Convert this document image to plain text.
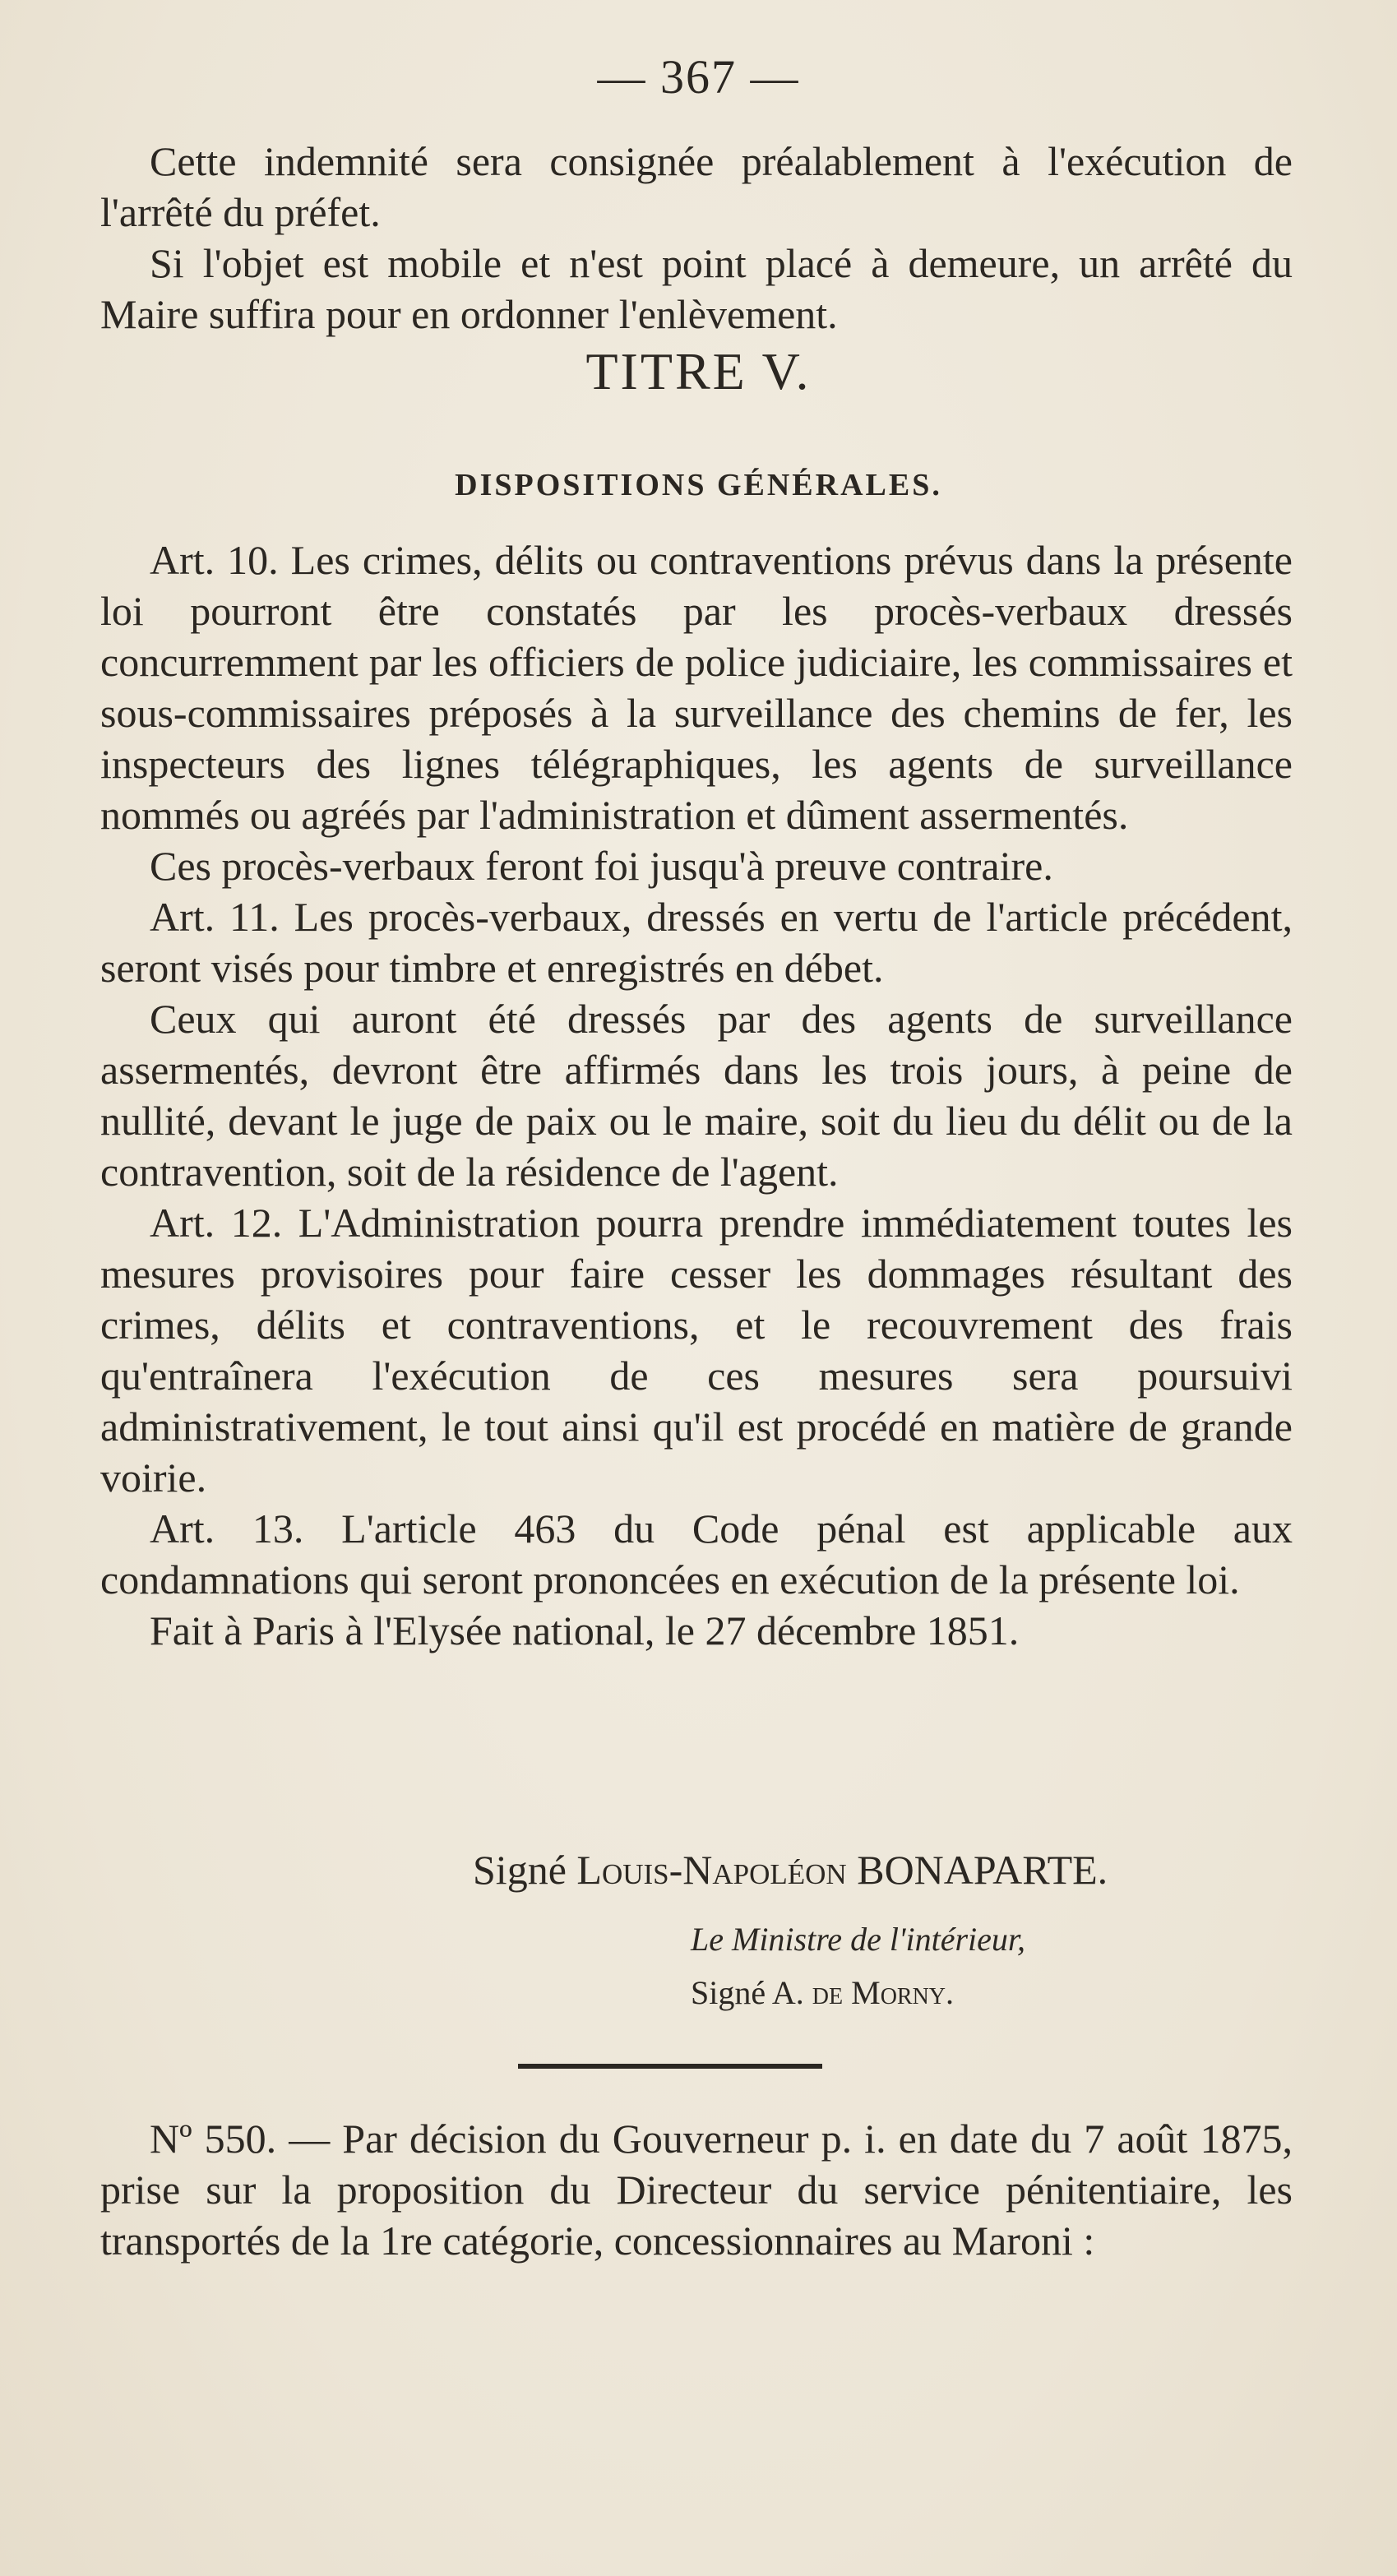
— 367 —

Cette indemnité sera consignée préalablement à l'exécution de l'arrêté du préfet.

Si l'objet est mobile et n'est point placé à demeure, un arrêté du Maire suffira pour en ordonner l'enlèvement.

TITRE V.
DISPOSITIONS GÉNÉRALES.

Art. 10. Les crimes, délits ou contraventions prévus dans la présente loi pourront être constatés par les procès-verbaux dressés concurremment par les officiers de police judiciaire, les commissaires et sous-commissaires préposés à la surveillance des chemins de fer, les inspecteurs des lignes télégraphiques, les agents de surveillance nommés ou agréés par l'administration et dûment assermentés.

Ces procès-verbaux feront foi jusqu'à preuve contraire.

Art. 11. Les procès-verbaux, dressés en vertu de l'article précédent, seront visés pour timbre et enregistrés en débet.

Ceux qui auront été dressés par des agents de surveillance assermentés, devront être affirmés dans les trois jours, à peine de nullité, devant le juge de paix ou le maire, soit du lieu du délit ou de la contravention, soit de la résidence de l'agent.

Art. 12. L'Administration pourra prendre immédiatement toutes les mesures provisoires pour faire cesser les dommages résultant des crimes, délits et contraventions, et le recouvrement des frais qu'entraînera l'exécution de ces mesures sera poursuivi administrativement, le tout ainsi qu'il est procédé en matière de grande voirie.

Art. 13. L'article 463 du Code pénal est applicable aux condamnations qui seront prononcées en exécution de la présente loi.

Fait à Paris à l'Elysée national, le 27 décembre 1851.

Signé Louis-Napoléon BONAPARTE.
Le Ministre de l'intérieur,
Signé A. de Morny.

Nº 550. — Par décision du Gouverneur p. i. en date du 7 août 1875, prise sur la proposition du Directeur du service pénitentiaire, les transportés de la 1re catégorie, concessionnaires au Maroni :
